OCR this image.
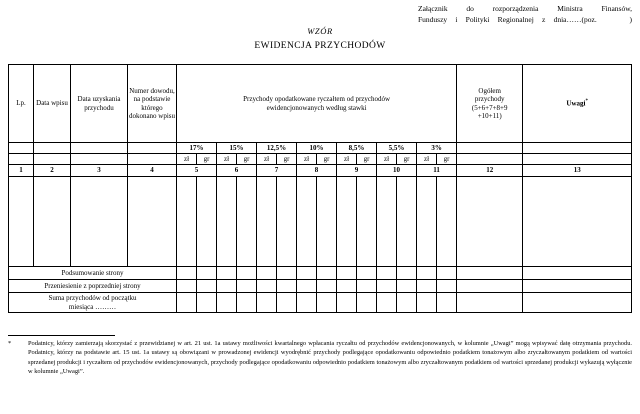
Załącznik do rozporządzenia Ministra Finansów,
Funduszy i Polityki Regionalnej z dnia……(poz.    )
WZÓR
EWIDENCJA PRZYCHODÓW
Lp.	Data wpisu	Data uzyskania przychodu	Numer dowodu, na podstawie którego dokonano wpisu	Przychody opodatkowane ryczałtem od przychodów ewidencjonowanych według stawki														Ogółem przychody (5+6+7+8+9 +10+11)	Uwagi*
				17%		15%		12,5%		10%		8,5%		5,5%		3%			
				zł	gr	zł	gr	zł	gr	zł	gr	zł	gr	zł	gr	zł	gr		
1	2	3	4	5		6		7		8		9		10		11		12	13

Podsumowanie strony																			
Przeniesienie z poprzedniej strony																			

Suma przychodów od początku
miesiąca ………																			

*	Podatnicy, którzy zamierzają skorzystać z przewidzianej w art. 21 ust. 1a ustawy możliwości kwartalnego wpłacania ryczałtu od przychodów ewidencjonowanych, w kolumnie „Uwagi” mogą wpisywać datę otrzymania przychodu. Podatnicy, którzy na podstawie art. 15 ust. 1a ustawy są obowiązani w prowadzonej ewidencji wyodrębnić przychody podlegające opodatkowaniu odpowiednio podatkiem tonażowym albo zryczałtowanym podatkiem od wartości sprzedanej produkcji i ryczałtem od przychodów ewidencjonowanych, przychody podlegające opodatkowaniu odpowiednio podatkiem tonażowym albo zryczałtowanym podatkiem od wartości sprzedanej produkcji wykazują wyłącznie w kolumnie „Uwagi”.
